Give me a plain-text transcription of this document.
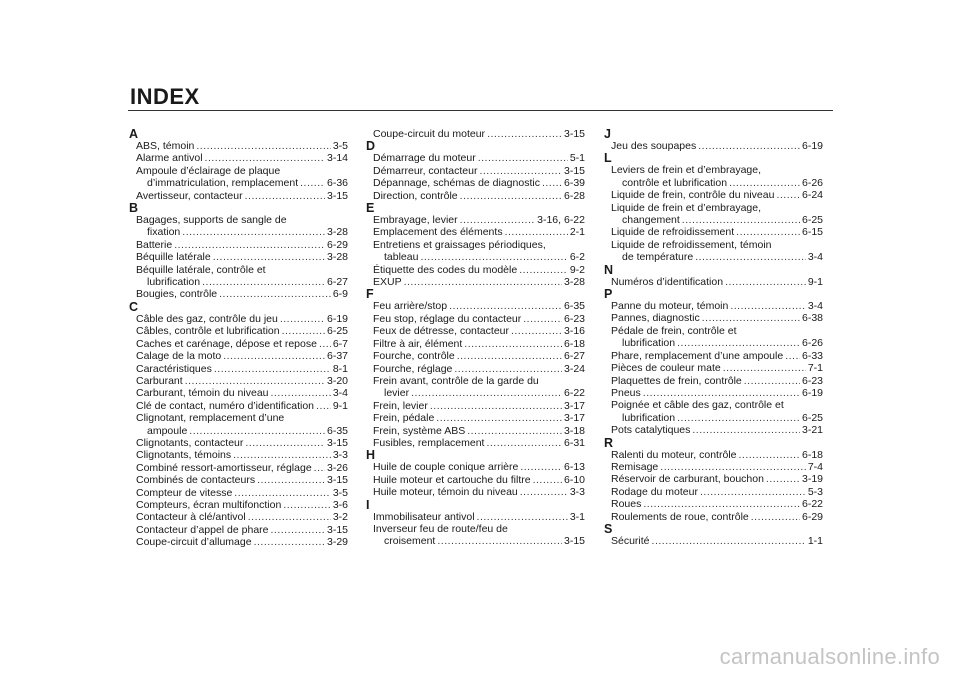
INDEX
A
ABS, témoin .....	3-5
Alarme antivol .....	3-14
Ampoule d’éclairage de plaque
d’immatriculation, remplacement .....	6-36
Avertisseur, contacteur .....	3-15
B
Bagages, supports de sangle de
fixation .....	3-28
Batterie .....	6-29
Béquille latérale .....	3-28
Béquille latérale, contrôle et
lubrification .....	6-27
Bougies, contrôle .....	6-9
C
Câble des gaz, contrôle du jeu .....	6-19
Câbles, contrôle et lubrification .....	6-25
Caches et carénage, dépose et repose ..... 6-7
Calage de la moto .....	6-37
Caractéristiques .....	8-1
Carburant .....	3-20
Carburant, témoin du niveau .....	3-4
Clé de contact, numéro d’identification ..... 9-1
Clignotant, remplacement d’une
ampoule .....	6-35
Clignotants, contacteur .....	3-15
Clignotants, témoins .....	3-3
Combiné ressort-amortisseur, réglage ..... 3-26
Combinés de contacteurs .....	3-15
Compteur de vitesse .....	3-5
Compteurs, écran multifonction .....	3-6
Contacteur à clé/antivol .....	3-2
Contacteur d’appel de phare .....	3-15
Coupe-circuit d’allumage .....	3-29
Coupe-circuit du moteur .....	3-15
D
Démarrage du moteur .....	5-1
Démarreur, contacteur .....	3-15
Dépannage, schémas de diagnostic ..... 6-39
Direction, contrôle .....	6-28
E
Embrayage, levier .....	3-16, 6-22
Emplacement des éléments .....	2-1
Entretiens et graissages périodiques,
tableau .....	6-2
Étiquette des codes du modèle .....	9-2
EXUP .....	3-28
F
Feu arrière/stop .....	6-35
Feu stop, réglage du contacteur .....	6-23
Feux de détresse, contacteur .....	3-16
Filtre à air, élément .....	6-18
Fourche, contrôle .....	6-27
Fourche, réglage .....	3-24
Frein avant, contrôle de la garde du
levier .....	6-22
Frein, levier .....	3-17
Frein, pédale .....	3-17
Frein, système ABS .....	3-18
Fusibles, remplacement .....	6-31
H
Huile de couple conique arrière .....	6-13
Huile moteur et cartouche du filtre .....	6-10
Huile moteur, témoin du niveau .....	3-3
I
Immobilisateur antivol .....	3-1
Inverseur feu de route/feu de
croisement .....	3-15
J
Jeu des soupapes .....	6-19
L
Leviers de frein et d’embrayage,
contrôle et lubrification .....	6-26
Liquide de frein, contrôle du niveau .....	6-24
Liquide de frein et d’embrayage,
changement .....	6-25
Liquide de refroidissement .....	6-15
Liquide de refroidissement, témoin
de température .....	3-4
N
Numéros d’identification .....	9-1
P
Panne du moteur, témoin .....	3-4
Pannes, diagnostic .....	6-38
Pédale de frein, contrôle et
lubrification .....	6-26
Phare, remplacement d’une ampoule ..... 6-33
Pièces de couleur mate .....	7-1
Plaquettes de frein, contrôle .....	6-23
Pneus .....	6-19
Poignée et câble des gaz, contrôle et
lubrification .....	6-25
Pots catalytiques .....	3-21
R
Ralenti du moteur, contrôle .....	6-18
Remisage .....	7-4
Réservoir de carburant, bouchon .....	3-19
Rodage du moteur .....	5-3
Roues .....	6-22
Roulements de roue, contrôle .....	6-29
S
Sécurité .....	1-1
carmanualsonline.info
